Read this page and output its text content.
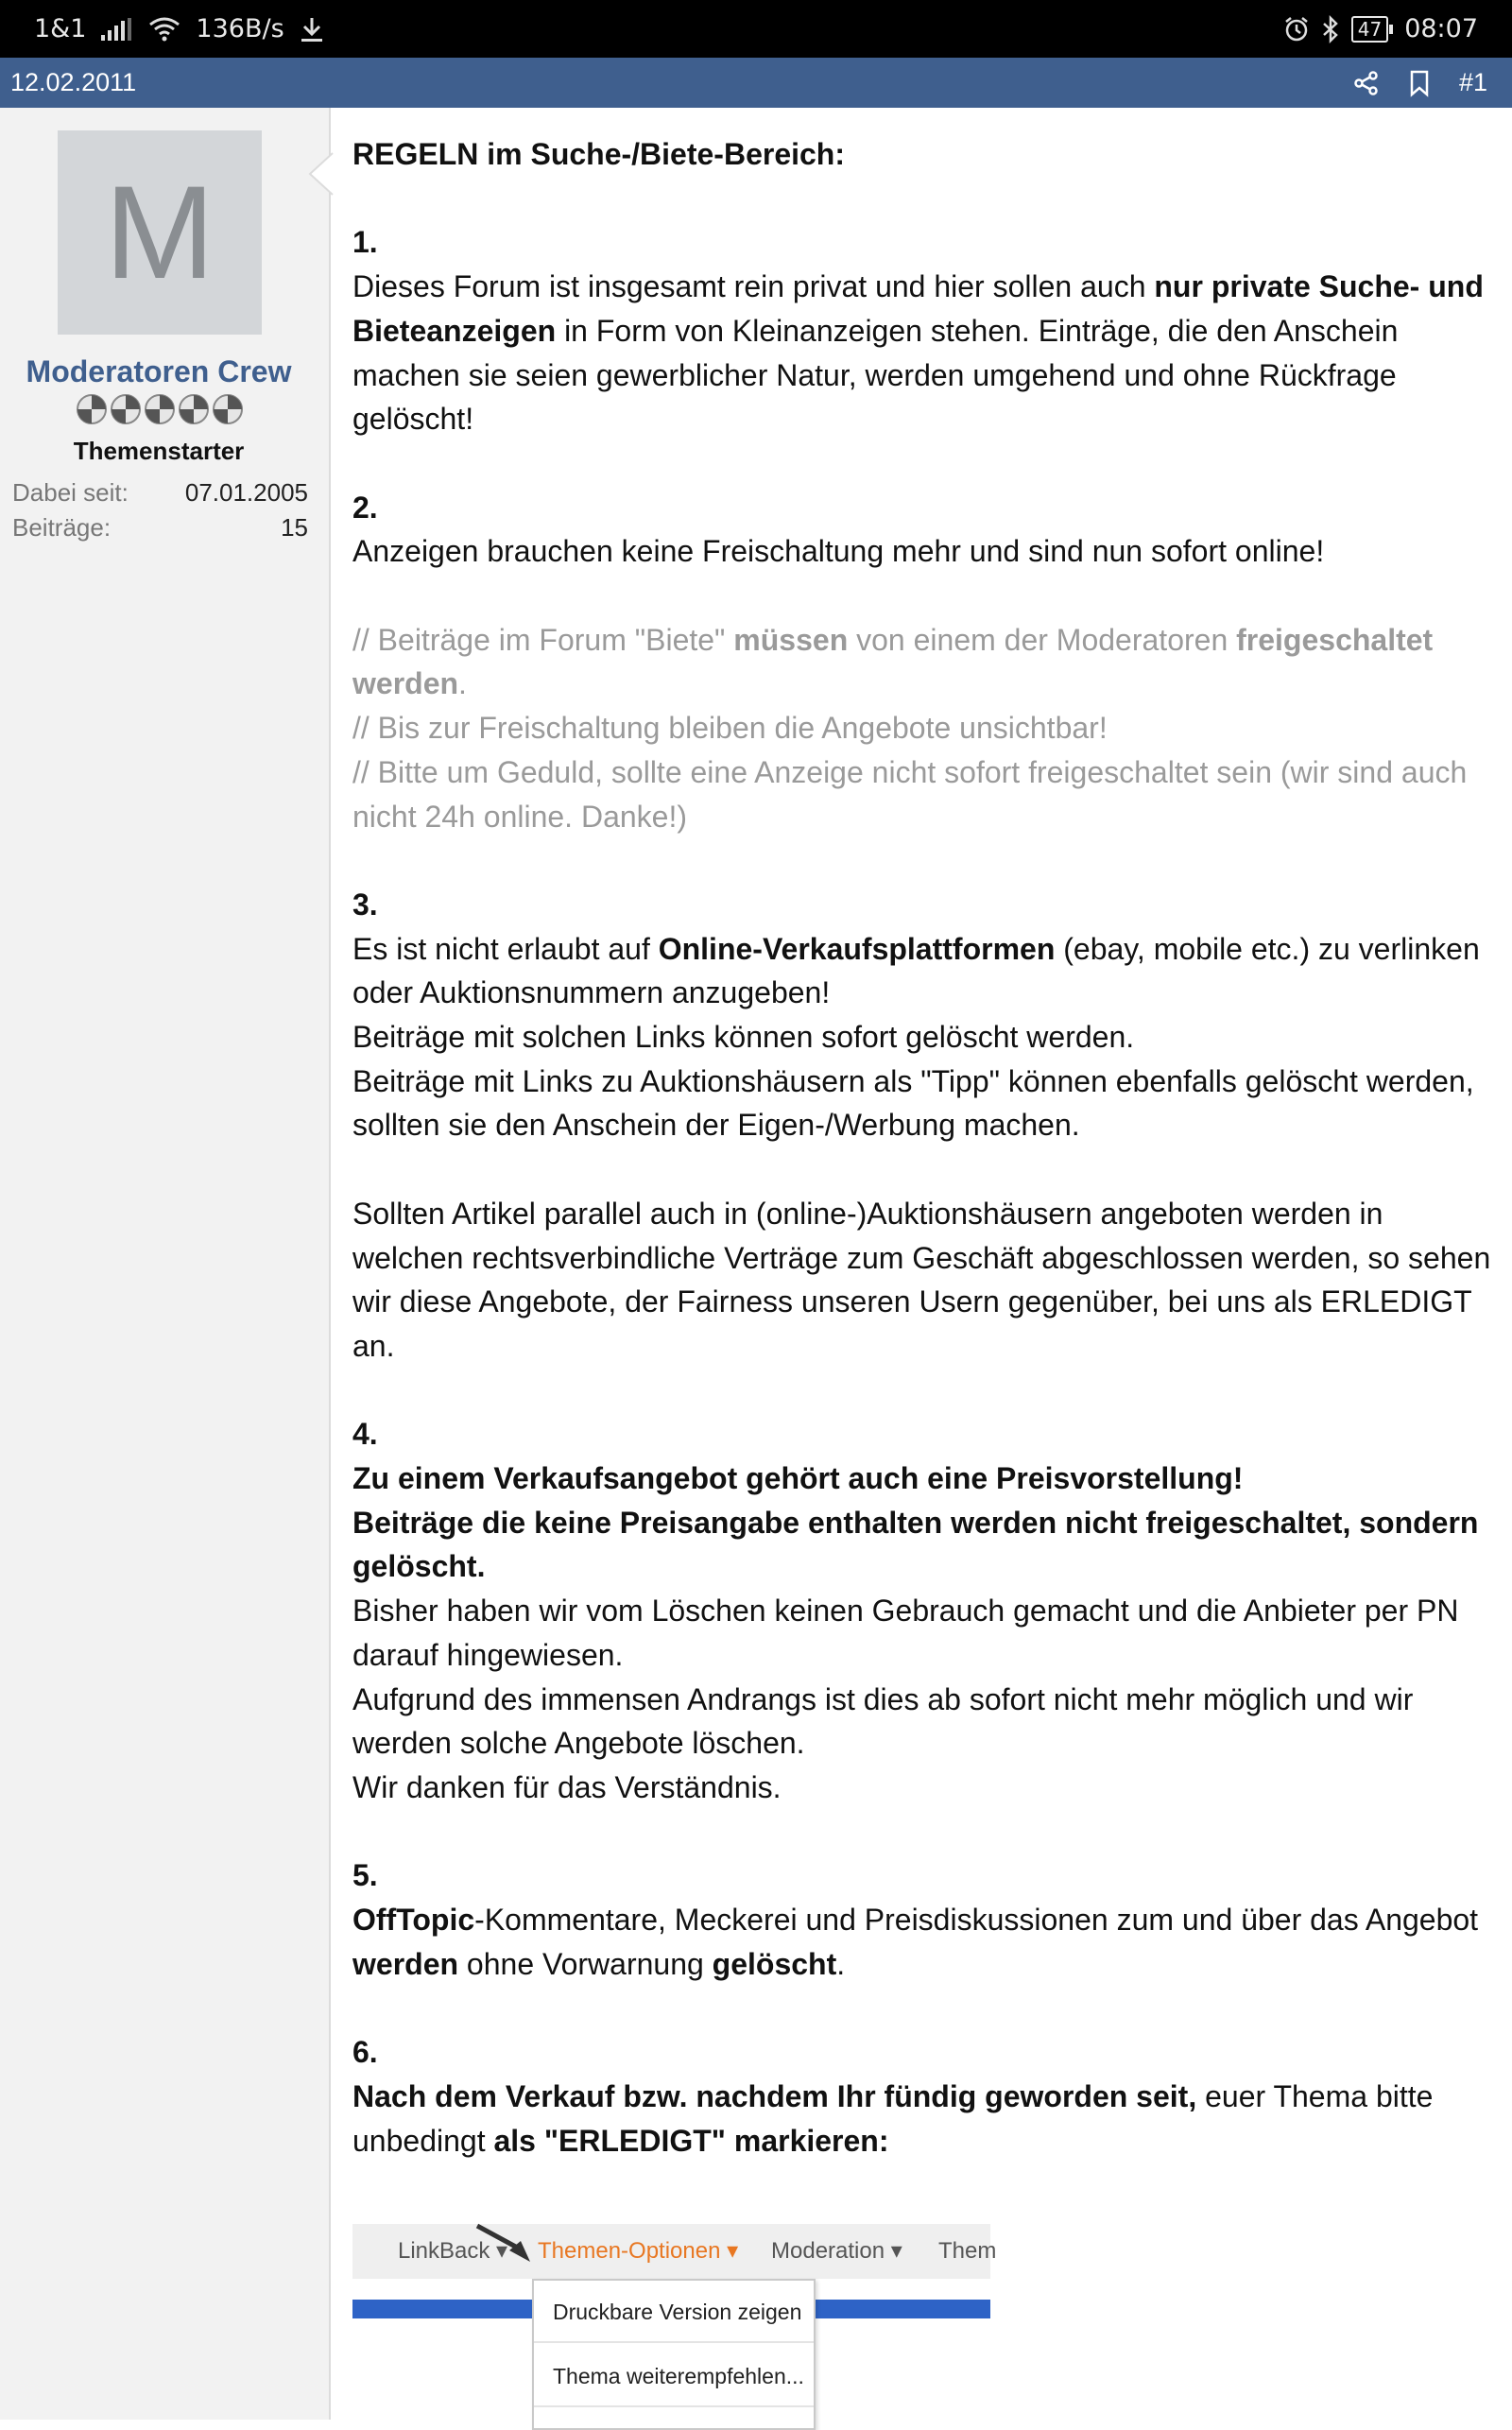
1&1	136B/s	47 08:07
12.02.2011	#1
M
Moderatoren Crew
Themenstarter
Dabei seit: 07.01.2005
Beiträge:	15

REGELN im Suche-/Biete-Bereich:

1.

Dieses Forum ist insgesamt rein privat und hier sollen auch nur private Suche- und Bieteanzeigen in Form von Kleinanzeigen stehen. Einträge, die den Anschein machen sie seien gewerblicher Natur, werden umgehend und ohne Rückfrage gelöscht!

2.

Anzeigen brauchen keine Freischaltung mehr und sind nun sofort online!

// Beiträge im Forum "Biete" müssen von einem der Moderatoren freigeschaltet werden.

// Bis zur Freischaltung bleiben die Angebote unsichtbar!

// Bitte um Geduld, sollte eine Anzeige nicht sofort freigeschaltet sein (wir sind auch nicht 24h online. Danke!)

3.

Es ist nicht erlaubt auf Online-Verkaufsplattformen (ebay, mobile etc.) zu verlinken oder Auktionsnummern anzugeben!

Beiträge mit solchen Links können sofort gelöscht werden.

Beiträge mit Links zu Auktionshäusern als "Tipp" können ebenfalls gelöscht werden, sollten sie den Anschein der Eigen-/Werbung machen.

Sollten Artikel parallel auch in (online-)Auktionshäusern angeboten werden in welchen rechtsverbindliche Verträge zum Geschäft abgeschlossen werden, so sehen wir diese Angebote, der Fairness unseren Usern gegenüber, bei uns als ERLEDIGT an.

4.

Zu einem Verkaufsangebot gehört auch eine Preisvorstellung!

Beiträge die keine Preisangabe enthalten werden nicht freigeschaltet, sondern gelöscht.

Bisher haben wir vom Löschen keinen Gebrauch gemacht und die Anbieter per PN darauf hingewiesen.

Aufgrund des immensen Andrangs ist dies ab sofort nicht mehr möglich und wir werden solche Angebote löschen.

Wir danken für das Verständnis.

5.

OffTopic-Kommentare, Meckerei und Preisdiskussionen zum und über das Angebot werden ohne Vorwarnung gelöscht.

6.

Nach dem Verkauf bzw. nachdem Ihr fündig geworden seit, euer Thema bitte unbedingt als "ERLEDIGT" markieren:

LinkBack ▾ Themen-Optionen ▾ Moderation ▾ Them
Druckbare Version zeigen
Thema weiterempfehlen...
